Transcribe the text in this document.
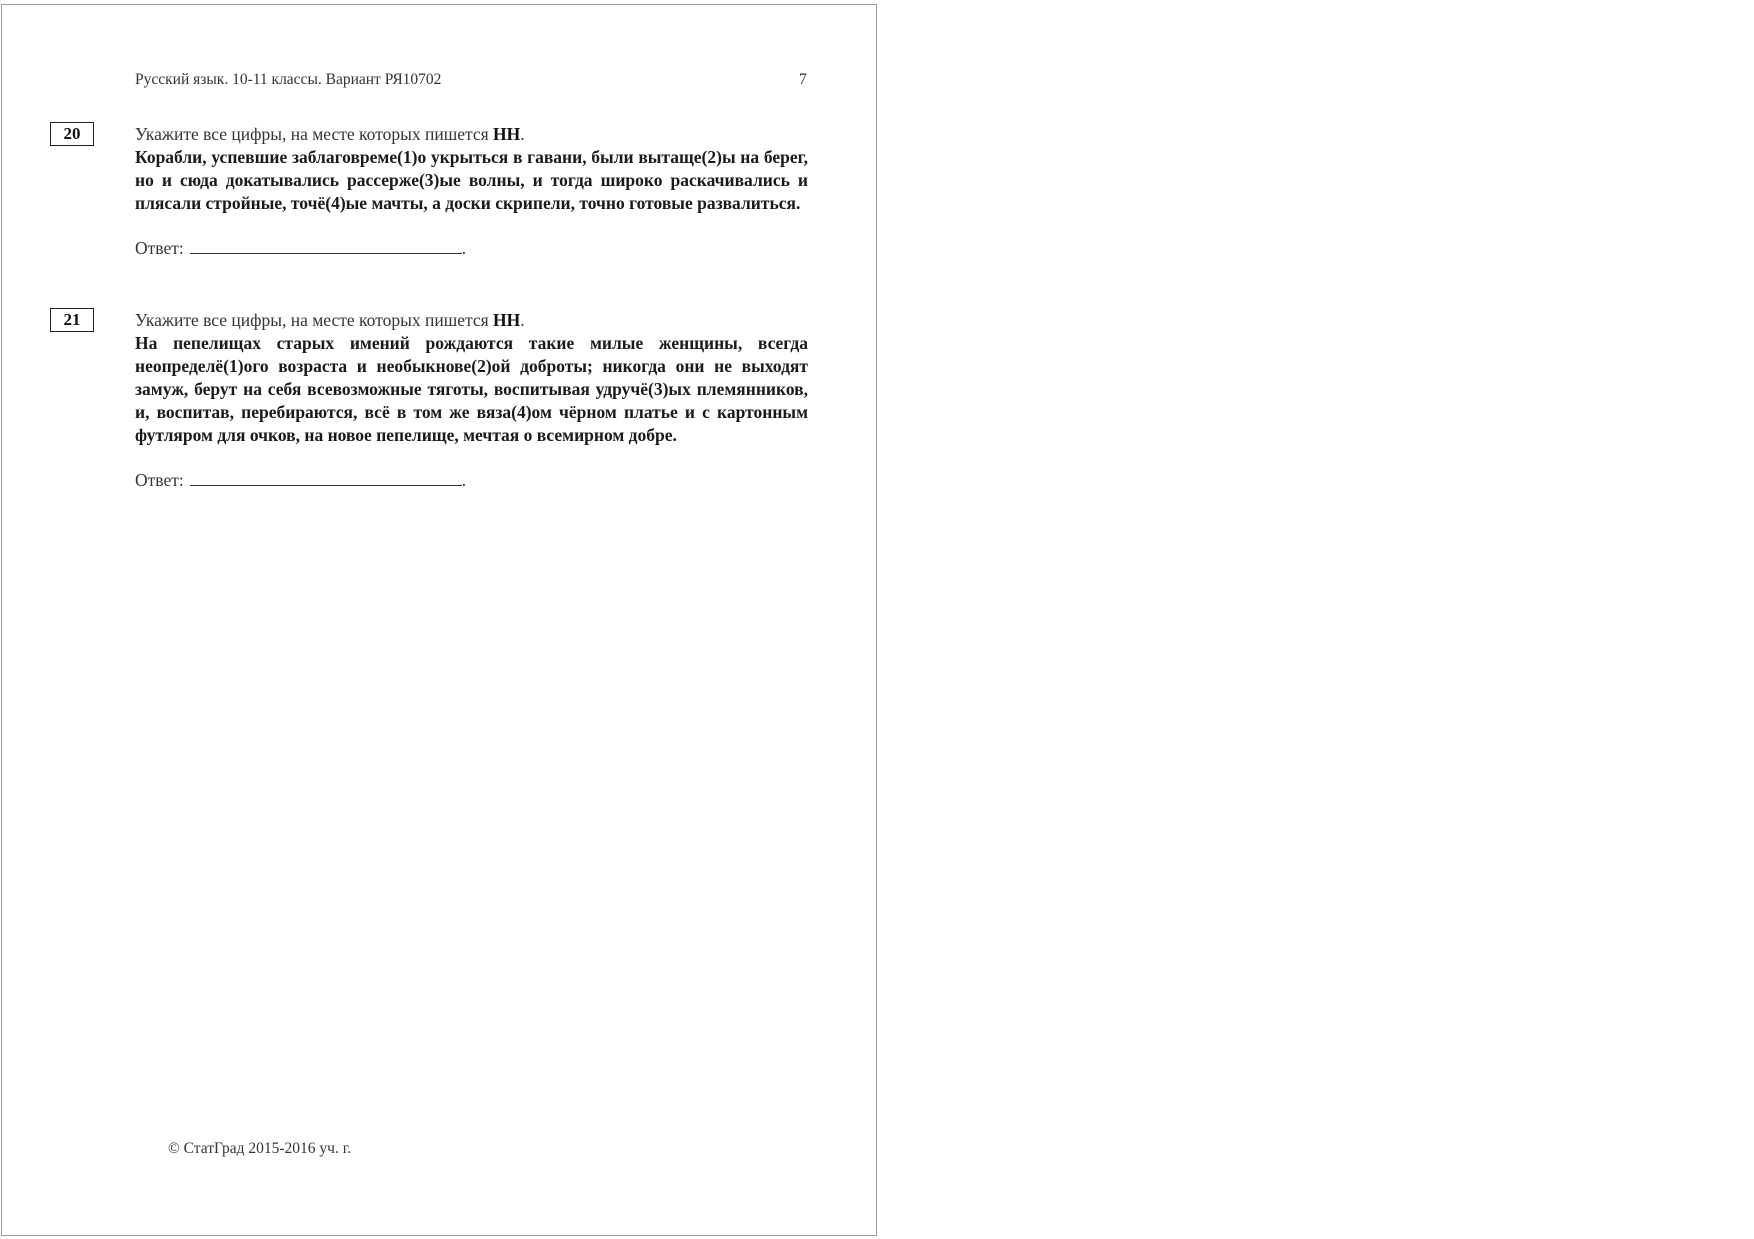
Русский язык. 10-11 классы. Вариант РЯ10702	7
20	Укажите все цифры, на месте которых пишется НН.
Корабли, успевшие заблаговреме(1)о укрыться в гавани, были вытаще(2)ы на берег, но и сюда докатывались рассерже(3)ые волны, и тогда широко раскачивались и плясали стройные, точё(4)ые мачты, а доски скрипели, точно готовые развалиться.
Ответ:	.
21	Укажите все цифры, на месте которых пишется НН.
На пепелищах старых имений рождаются такие милые женщины, всегда неопределё(1)ого возраста и необыкнове(2)ой доброты; никогда они не выходят замуж, берут на себя всевозможные тяготы, воспитывая удручё(3)ых племянников, и, воспитав, перебираются, всё в том же вяза(4)ом чёрном платье и с картонным футляром для очков, на новое пепелище, мечтая о всемирном добре.
Ответ:	.
© СтатГрад 2015-2016 уч. г.
